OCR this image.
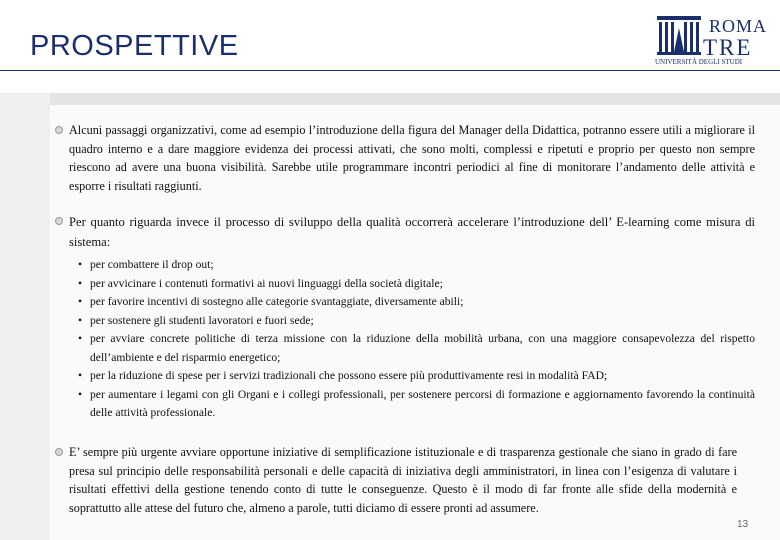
PROSPETTIVE
ROMA
TRE
UNIVERSITÀ DEGLI STUDI
Alcuni passaggi organizzativi, come ad esempio l’introduzione della figura del Manager della Didattica, potranno essere utili a migliorare il quadro interno e a dare maggiore evidenza dei processi attivati, che sono molti, complessi e ripetuti e proprio per questo non sempre riescono ad avere una buona visibilità. Sarebbe utile programmare incontri periodici al fine di monitorare l’andamento delle attività e esporre i risultati raggiunti.
Per quanto riguarda invece il processo di sviluppo della qualità occorrerà accelerare l’introduzione dell’ E-learning come misura di sistema:
• per combattere il drop out;
• per avvicinare i contenuti formativi ai nuovi linguaggi della società digitale;
• per favorire incentivi di sostegno alle categorie svantaggiate, diversamente abili;
• per sostenere gli studenti lavoratori e fuori sede;
• per avviare concrete politiche di terza missione con la riduzione della mobilità urbana, con una maggiore consapevolezza del rispetto dell’ambiente e del risparmio energetico;
• per la riduzione di spese per i servizi tradizionali che possono essere più produttivamente resi in modalità FAD;
• per aumentare i legami con gli Organi e i collegi professionali, per sostenere percorsi di formazione e aggiornamento favorendo la continuità delle attività professionale.
E’ sempre più urgente avviare opportune iniziative di semplificazione istituzionale e di trasparenza gestionale che siano in grado di fare presa sul principio delle responsabilità personali e delle capacità di iniziativa degli amministratori, in linea con l’esigenza di valutare i risultati effettivi della gestione tenendo conto di tutte le conseguenze. Questo è il modo di far fronte alle sfide della modernità e soprattutto alle attese del futuro che, almeno a parole, tutti diciamo di essere pronti ad assumere.
13
